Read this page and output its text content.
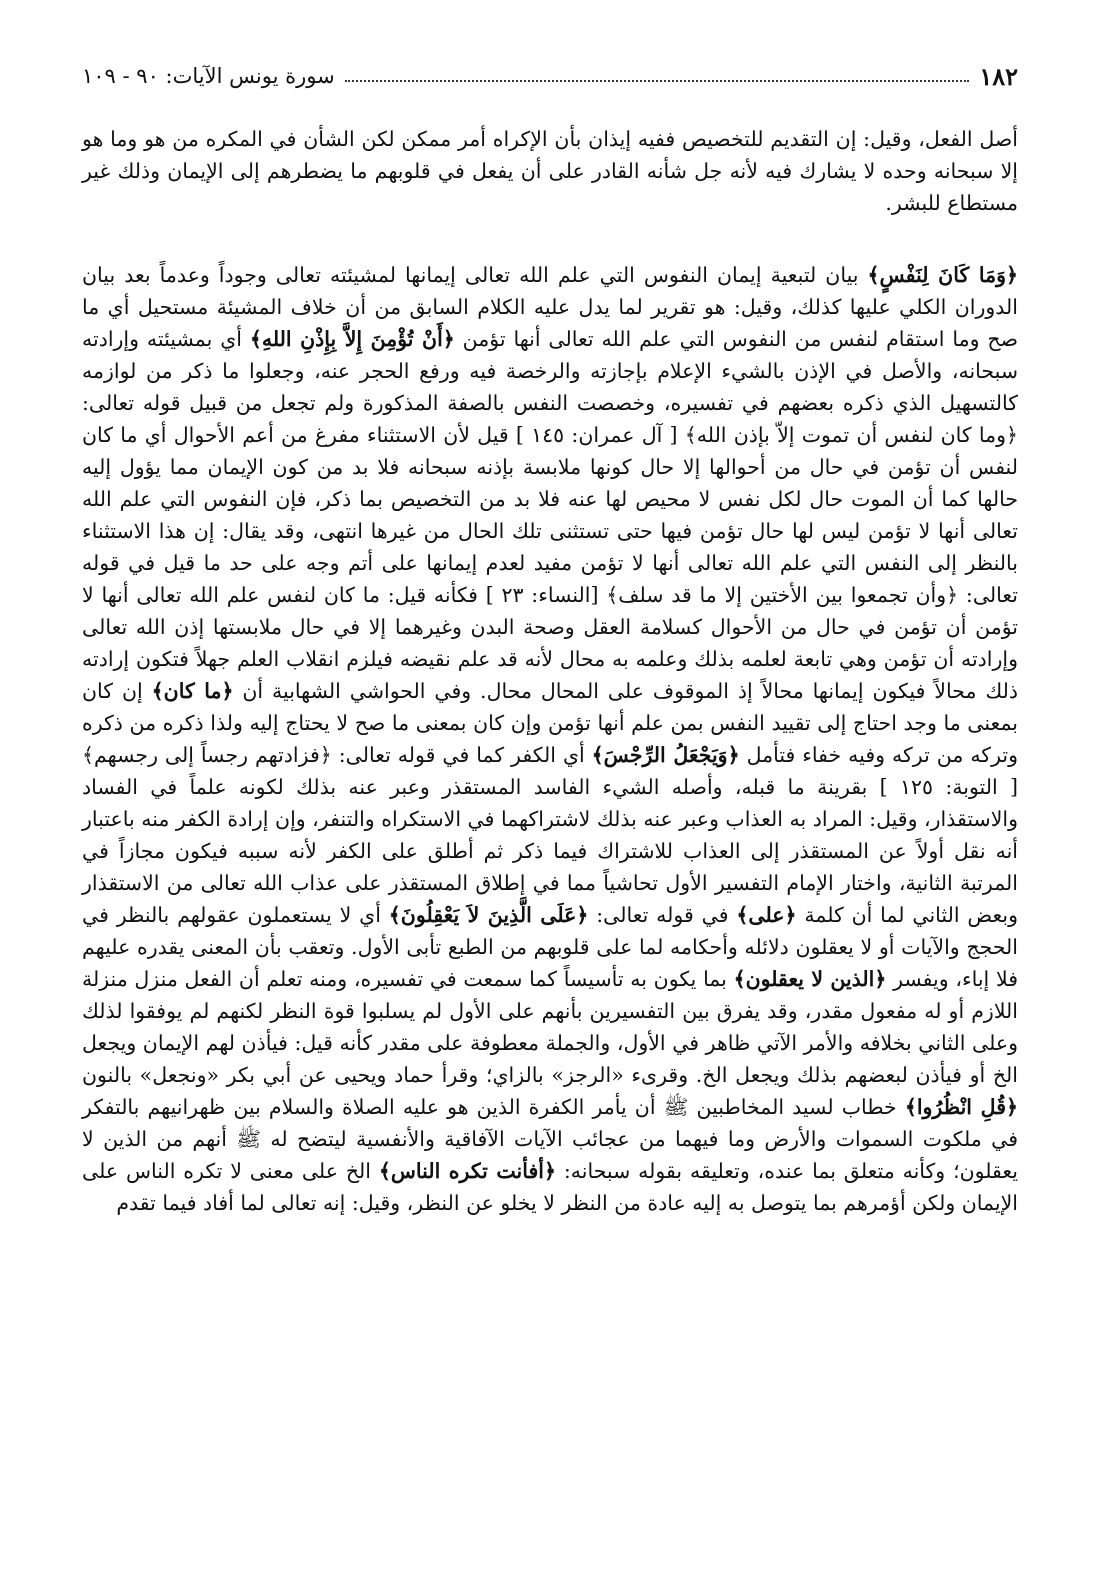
١٨٢
سورة يونس الآيات: ٩٠ - ١٠٩

أصل الفعل، وقيل: إن التقديم للتخصيص ففيه إيذان بأن الإكراه أمر ممكن لكن الشأن في المكره من هو وما هو إلا سبحانه وحده لا يشارك فيه لأنه جل شأنه القادر على أن يفعل في قلوبهم ما يضطرهم إلى الإيمان وذلك غير مستطاع للبشر.

﴿وَمَا كَانَ لِنَفْسٍ﴾ بيان لتبعية إيمان النفوس التي علم الله تعالى إيمانها لمشيئته تعالى وجوداً وعدماً بعد بيان الدوران الكلي عليها كذلك، وقيل: هو تقرير لما يدل عليه الكلام السابق من أن خلاف المشيئة مستحيل أي ما صح وما استقام لنفس من النفوس التي علم الله تعالى أنها تؤمن ﴿أَنْ تُؤْمِنَ إِلاَّ بِإِذْنِ اللهِ﴾ أي بمشيئته وإرادته سبحانه، والأصل في الإذن بالشيء الإعلام بإجازته والرخصة فيه ورفع الحجر عنه، وجعلوا ما ذكر من لوازمه كالتسهيل الذي ذكره بعضهم في تفسيره، وخصصت النفس بالصفة المذكورة ولم تجعل من قبيل قوله تعالى: ﴿وما كان لنفس أن تموت إلاّ بإذن الله﴾ [ آل عمران: ١٤٥ ] قيل لأن الاستثناء مفرغ من أعم الأحوال أي ما كان لنفس أن تؤمن في حال من أحوالها إلا حال كونها ملابسة بإذنه سبحانه فلا بد من كون الإيمان مما يؤول إليه حالها كما أن الموت حال لكل نفس لا محيص لها عنه فلا بد من التخصيص بما ذكر، فإن النفوس التي علم الله تعالى أنها لا تؤمن ليس لها حال تؤمن فيها حتى تستثنى تلك الحال من غيرها انتهى، وقد يقال: إن هذا الاستثناء بالنظر إلى النفس التي علم الله تعالى أنها لا تؤمن مفيد لعدم إيمانها على أتم وجه على حد ما قيل في قوله تعالى: ﴿وأن تجمعوا بين الأختين إلا ما قد سلف﴾ [النساء: ٢٣ ] فكأنه قيل: ما كان لنفس علم الله تعالى أنها لا تؤمن أن تؤمن في حال من الأحوال كسلامة العقل وصحة البدن وغيرهما إلا في حال ملابستها إذن الله تعالى وإرادته أن تؤمن وهي تابعة لعلمه بذلك وعلمه به محال لأنه قد علم نقيضه فيلزم انقلاب العلم جهلاً فتكون إرادته ذلك محالاً فيكون إيمانها محالاً إذ الموقوف على المحال محال. وفي الحواشي الشهابية أن ﴿ما كان﴾ إن كان بمعنى ما وجد احتاج إلى تقييد النفس بمن علم أنها تؤمن وإن كان بمعنى ما صح لا يحتاج إليه ولذا ذكره من ذكره وتركه من تركه وفيه خفاء فتأمل ﴿وَيَجْعَلُ الرِّجْسَ﴾ أي الكفر كما في قوله تعالى: ﴿فزادتهم رجساً إلى رجسهم﴾ [ التوبة: ١٢٥ ] بقرينة ما قبله، وأصله الشيء الفاسد المستقذر وعبر عنه بذلك لكونه علماً في الفساد والاستقذار، وقيل: المراد به العذاب وعبر عنه بذلك لاشتراكهما في الاستكراه والتنفر، وإن إرادة الكفر منه باعتبار أنه نقل أولاً عن المستقذر إلى العذاب للاشتراك فيما ذكر ثم أطلق على الكفر لأنه سببه فيكون مجازاً في المرتبة الثانية، واختار الإمام التفسير الأول تحاشياً مما في إطلاق المستقذر على عذاب الله تعالى من الاستقذار وبعض الثاني لما أن كلمة ﴿على﴾ في قوله تعالى: ﴿عَلَى الَّذِينَ لاَ يَعْقِلُونَ﴾ أي لا يستعملون عقولهم بالنظر في الحجج والآيات أو لا يعقلون دلائله وأحكامه لما على قلوبهم من الطبع تأبى الأول. وتعقب بأن المعنى يقدره عليهم فلا إباء، ويفسر ﴿الذين لا يعقلون﴾ بما يكون به تأسيساً كما سمعت في تفسيره، ومنه تعلم أن الفعل منزل منزلة اللازم أو له مفعول مقدر، وقد يفرق بين التفسيرين بأنهم على الأول لم يسلبوا قوة النظر لكنهم لم يوفقوا لذلك وعلى الثاني بخلافه والأمر الآتي ظاهر في الأول، والجملة معطوفة على مقدر كأنه قيل: فيأذن لهم الإيمان ويجعل الخ أو فيأذن لبعضهم بذلك ويجعل الخ. وقرىء «الرجز» بالزاي؛ وقرأ حماد ويحيى عن أبي بكر «ونجعل» بالنون ﴿قُلِ انْظُرُوا﴾ خطاب لسيد المخاطبين ﷺ أن يأمر الكفرة الذين هو عليه الصلاة والسلام بين ظهرانيهم بالتفكر في ملكوت السموات والأرض وما فيهما من عجائب الآيات الآفاقية والأنفسية ليتضح له ﷺ أنهم من الذين لا يعقلون؛ وكأنه متعلق بما عنده، وتعليقه بقوله سبحانه: ﴿أفأنت تكره الناس﴾ الخ على معنى لا تكره الناس على الإيمان ولكن أؤمرهم بما يتوصل به إليه عادة من النظر لا يخلو عن النظر، وقيل: إنه تعالى لما أفاد فيما تقدم
